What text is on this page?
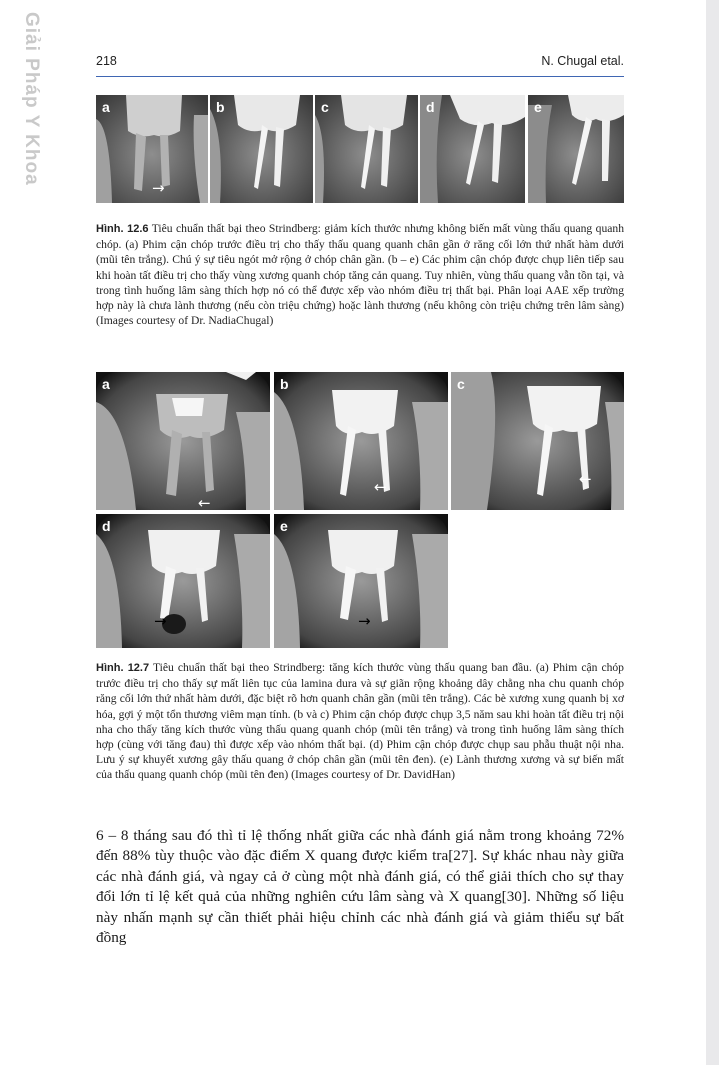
Giải Pháp Y Khoa	218	N. Chugal etal.
a
→
b	c	d	e
Hình. 12.6 Tiêu chuẩn thất bại theo Strindberg: giảm kích thước nhưng không biến mất vùng thấu quang quanh chóp. (a) Phim cận chóp trước điều trị cho thấy thấu quang quanh chân gần ở răng cối lớn thứ nhất hàm dưới (mũi tên trắng). Chú ý sự tiêu ngót mở rộng ở chóp chân gần. (b – e) Các phim cận chóp được chụp liên tiếp sau khi hoàn tất điều trị cho thấy vùng xương quanh chóp tăng cản quang. Tuy nhiên, vùng thấu quang vẫn tồn tại, và trong tình huống lâm sàng thích hợp nó có thể được xếp vào nhóm điều trị thất bại. Phân loại AAE xếp trường hợp này là chưa lành thương (nếu còn triệu chứng) hoặc lành thương (nếu không còn triệu chứng trên lâm sàng) (Images courtesy of Dr. NadiaChugal)
a
←
b
←
c
←
d
→
e
→
Hình. 12.7 Tiêu chuẩn thất bại theo Strindberg: tăng kích thước vùng thấu quang ban đầu. (a) Phim cận chóp trước điều trị cho thấy sự mất liên tục của lamina dura và sự giãn rộng khoảng dây chằng nha chu quanh chóp răng cối lớn thứ nhất hàm dưới, đặc biệt rõ hơn quanh chân gần (mũi tên trắng). Các bè xương xung quanh bị xơ hóa, gợi ý một tổn thương viêm mạn tính. (b và c) Phim cận chóp được chụp 3,5 năm sau khi hoàn tất điều trị nội nha cho thấy tăng kích thước vùng thấu quang quanh chóp (mũi tên trắng) và trong tình huống lâm sàng thích hợp (cùng với tăng đau) thì được xếp vào nhóm thất bại. (d) Phim cận chóp được chụp sau phẫu thuật nội nha. Lưu ý sự khuyết xương gây thấu quang ở chóp chân gần (mũi tên đen). (e) Lành thương xương và sự biến mất của thấu quang quanh chóp (mũi tên đen) (Images courtesy of Dr. DavidHan)
6 – 8 tháng sau đó thì tỉ lệ thống nhất giữa các nhà đánh giá nằm trong khoảng 72% đến 88% tùy thuộc vào đặc điểm X quang được kiểm tra[27]. Sự khác nhau này giữa các nhà đánh giá, và ngay cả ở cùng một nhà đánh giá, có thể giải thích cho sự thay đổi lớn tỉ lệ kết quả của những nghiên cứu lâm sàng và X quang[30]. Những số liệu này nhấn mạnh sự cần thiết phải hiệu chỉnh các nhà đánh giá và giảm thiểu sự bất đồng
